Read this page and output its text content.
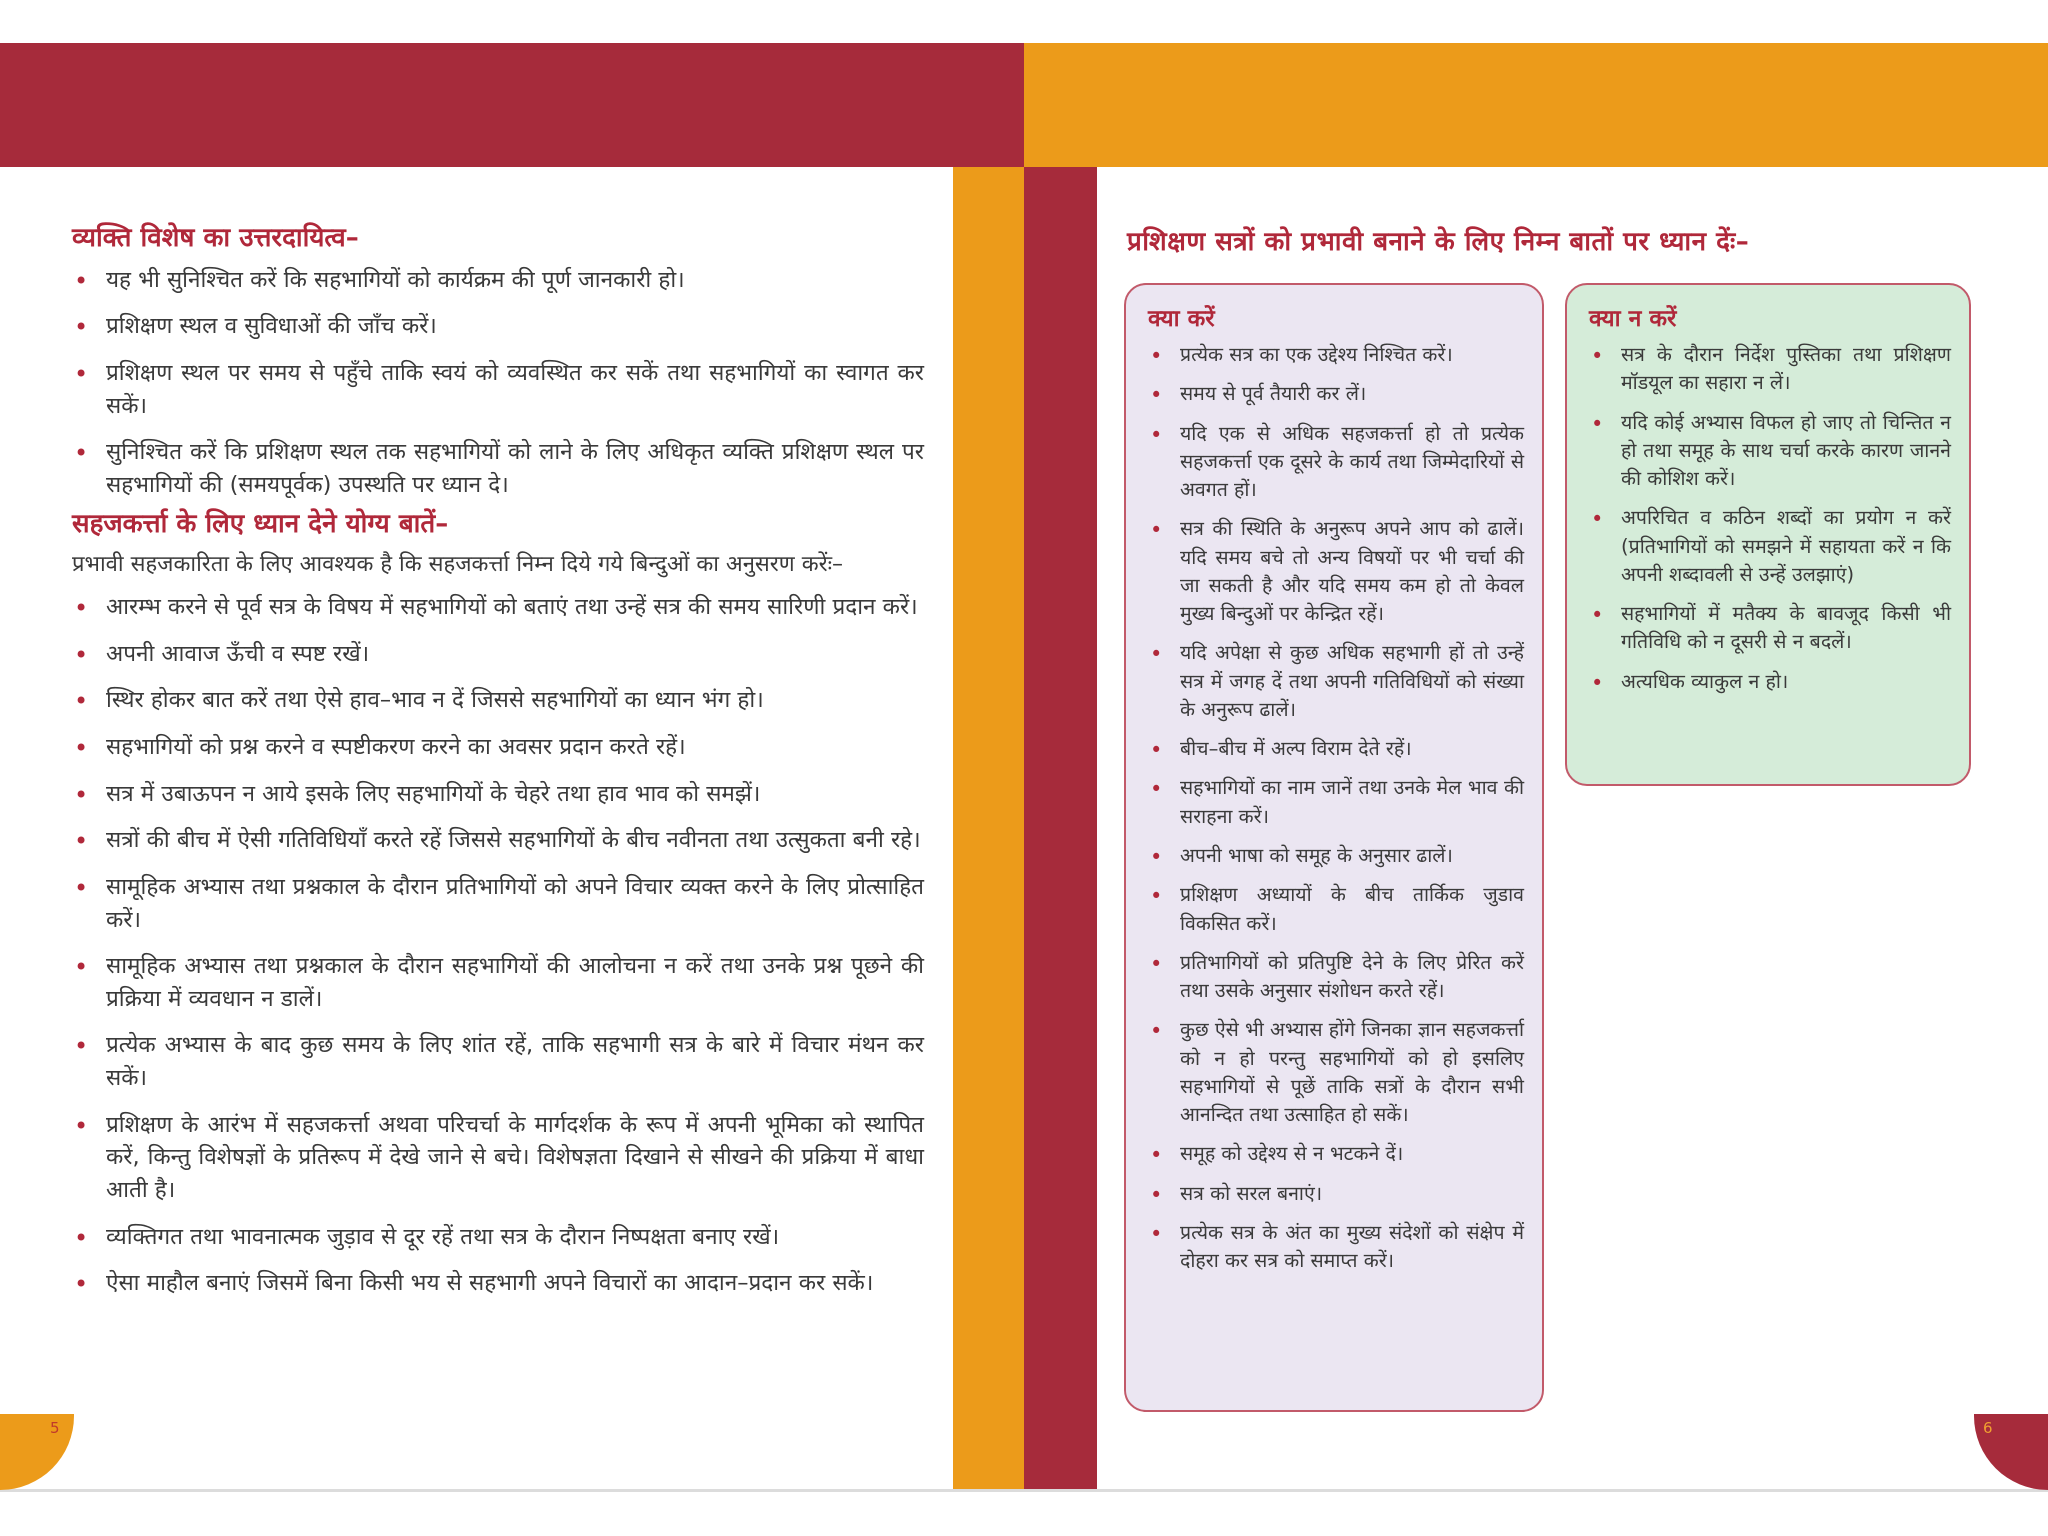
5	6
व्यक्ति विशेष का उत्तरदायित्व–
• यह भी सुनिश्चित करें कि सहभागियों को कार्यक्रम की पूर्ण जानकारी हो।
• प्रशिक्षण स्थल व सुविधाओं की जाँच करें।
• प्रशिक्षण स्थल पर समय से पहुँचे ताकि स्वयं को व्यवस्थित कर सकें तथा सहभागियों का स्वागत कर सकें।
• सुनिश्चित करें कि प्रशिक्षण स्थल तक सहभागियों को लाने के लिए अधिकृत व्यक्ति प्रशिक्षण स्थल पर सहभागियों की (समयपूर्वक) उपस्थति पर ध्यान दे।
सहजकर्त्ता के लिए ध्यान देने योग्य बातें–
प्रभावी सहजकारिता के लिए आवश्यक है कि सहजकर्त्ता निम्न दिये गये बिन्दुओं का अनुसरण करेंः–
• आरम्भ करने से पूर्व सत्र के विषय में सहभागियों को बताएं तथा उन्हें सत्र की समय सारिणी प्रदान करें।
• अपनी आवाज ऊँची व स्पष्ट रखें।
• स्थिर होकर बात करें तथा ऐसे हाव–भाव न दें जिससे सहभागियों का ध्यान भंग हो।
• सहभागियों को प्रश्न करने व स्पष्टीकरण करने का अवसर प्रदान करते रहें।
• सत्र में उबाऊपन न आये इसके लिए सहभागियों के चेहरे तथा हाव भाव को समझें।
• सत्रों की बीच में ऐसी गतिविधियाँ करते रहें जिससे सहभागियों के बीच नवीनता तथा उत्सुकता बनी रहे।
• सामूहिक अभ्यास तथा प्रश्नकाल के दौरान प्रतिभागियों को अपने विचार व्यक्त करने के लिए प्रोत्साहित करें।
• सामूहिक अभ्यास तथा प्रश्नकाल के दौरान सहभागियों की आलोचना न करें तथा उनके प्रश्न पूछने की प्रक्रिया में व्यवधान न डालें।
• प्रत्येक अभ्यास के बाद कुछ समय के लिए शांत रहें, ताकि सहभागी सत्र के बारे में विचार मंथन कर सकें।
• प्रशिक्षण के आरंभ में सहजकर्त्ता अथवा परिचर्चा के मार्गदर्शक के रूप में अपनी भूमिका को स्थापित करें, किन्तु विशेषज्ञों के प्रतिरूप में देखे जाने से बचे। विशेषज्ञता दिखाने से सीखने की प्रक्रिया में बाधा आती है।
• व्यक्तिगत तथा भावनात्मक जुड़ाव से दूर रहें तथा सत्र के दौरान निष्पक्षता बनाए रखें।
• ऐसा माहौल बनाएं जिसमें बिना किसी भय से सहभागी अपने विचारों का आदान–प्रदान कर सकें।
प्रशिक्षण सत्रों को प्रभावी बनाने के लिए निम्न बातों पर ध्यान देंः–
क्या करें
• प्रत्येक सत्र का एक उद्देश्य निश्चित करें।
• समय से पूर्व तैयारी कर लें।
• यदि एक से अधिक सहजकर्त्ता हो तो प्रत्येक सहजकर्त्ता एक दूसरे के कार्य तथा जिम्मेदारियों से अवगत हों।
• सत्र की स्थिति के अनुरूप अपने आप को ढालें। यदि समय बचे तो अन्य विषयों पर भी चर्चा की जा सकती है और यदि समय कम हो तो केवल मुख्य बिन्दुओं पर केन्द्रित रहें।
• यदि अपेक्षा से कुछ अधिक सहभागी हों तो उन्हें सत्र में जगह दें तथा अपनी गतिविधियों को संख्या के अनुरूप ढालें।
• बीच–बीच में अल्प विराम देते रहें।
• सहभागियों का नाम जानें तथा उनके मेल भाव की सराहना करें।
• अपनी भाषा को समूह के अनुसार ढालें।
• प्रशिक्षण अध्यायों के बीच तार्किक जुडाव विकसित करें।
• प्रतिभागियों को प्रतिपुष्टि देने के लिए प्रेरित करें तथा उसके अनुसार संशोधन करते रहें।
• कुछ ऐसे भी अभ्यास होंगे जिनका ज्ञान सहजकर्त्ता को न हो परन्तु सहभागियों को हो इसलिए सहभागियों से पूछें ताकि सत्रों के दौरान सभी आनन्दित तथा उत्साहित हो सकें।
• समूह को उद्देश्य से न भटकने दें।
• सत्र को सरल बनाएं।
• प्रत्येक सत्र के अंत का मुख्य संदेशों को संक्षेप में दोहरा कर सत्र को समाप्त करें।
क्या न करें
• सत्र के दौरान निर्देश पुस्तिका तथा प्रशिक्षण मॉडयूल का सहारा न लें।
• यदि कोई अभ्यास विफल हो जाए तो चिन्तित न हो तथा समूह के साथ चर्चा करके कारण जानने की कोशिश करें।
• अपरिचित व कठिन शब्दों का प्रयोग न करें (प्रतिभागियों को समझने में सहायता करें न कि अपनी शब्दावली से उन्हें उलझाएं)
• सहभागियों में मतैक्य के बावजूद किसी भी गतिविधि को न दूसरी से न बदलें।
• अत्यधिक व्याकुल न हो।
